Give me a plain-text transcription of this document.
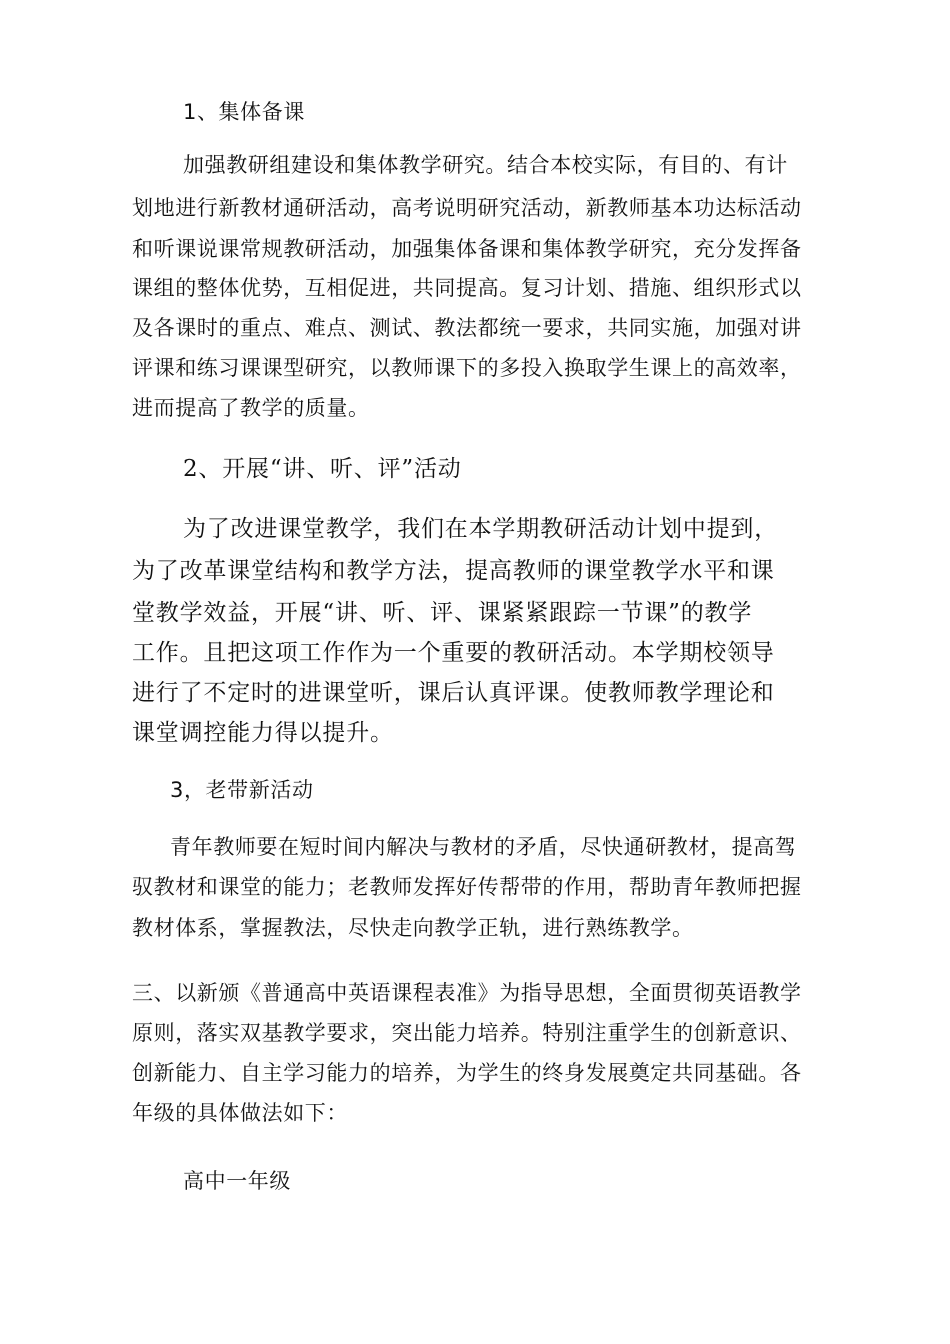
1、集体备课
加强教研组建设和集体教学研究。结合本校实际，有目的、有计
划地进行新教材通研活动，高考说明研究活动，新教师基本功达标活动
和听课说课常规教研活动，加强集体备课和集体教学研究，充分发挥备
课组的整体优势，互相促进，共同提高。复习计划、措施、组织形式以
及各课时的重点、难点、测试、教法都统一要求，共同实施，加强对讲
评课和练习课课型研究，以教师课下的多投入换取学生课上的高效率，
进而提高了教学的质量。
2、开展“讲、听、评”活动
为了改进课堂教学，我们在本学期教研活动计划中提到，
为了改革课堂结构和教学方法，提高教师的课堂教学水平和课
堂教学效益，开展“讲、听、评、课紧紧跟踪一节课”的教学
工作。且把这项工作作为一个重要的教研活动。本学期校领导
进行了不定时的进课堂听，课后认真评课。使教师教学理论和
课堂调控能力得以提升。
3，老带新活动
青年教师要在短时间内解决与教材的矛盾，尽快通研教材，提高驾
驭教材和课堂的能力；老教师发挥好传帮带的作用，帮助青年教师把握
教材体系，掌握教法，尽快走向教学正轨，进行熟练教学。
三、以新颁《普通高中英语课程表准》为指导思想，全面贯彻英语教学
原则，落实双基教学要求，突出能力培养。特别注重学生的创新意识、
创新能力、自主学习能力的培养，为学生的终身发展奠定共同基础。各
年级的具体做法如下：
高中一年级
